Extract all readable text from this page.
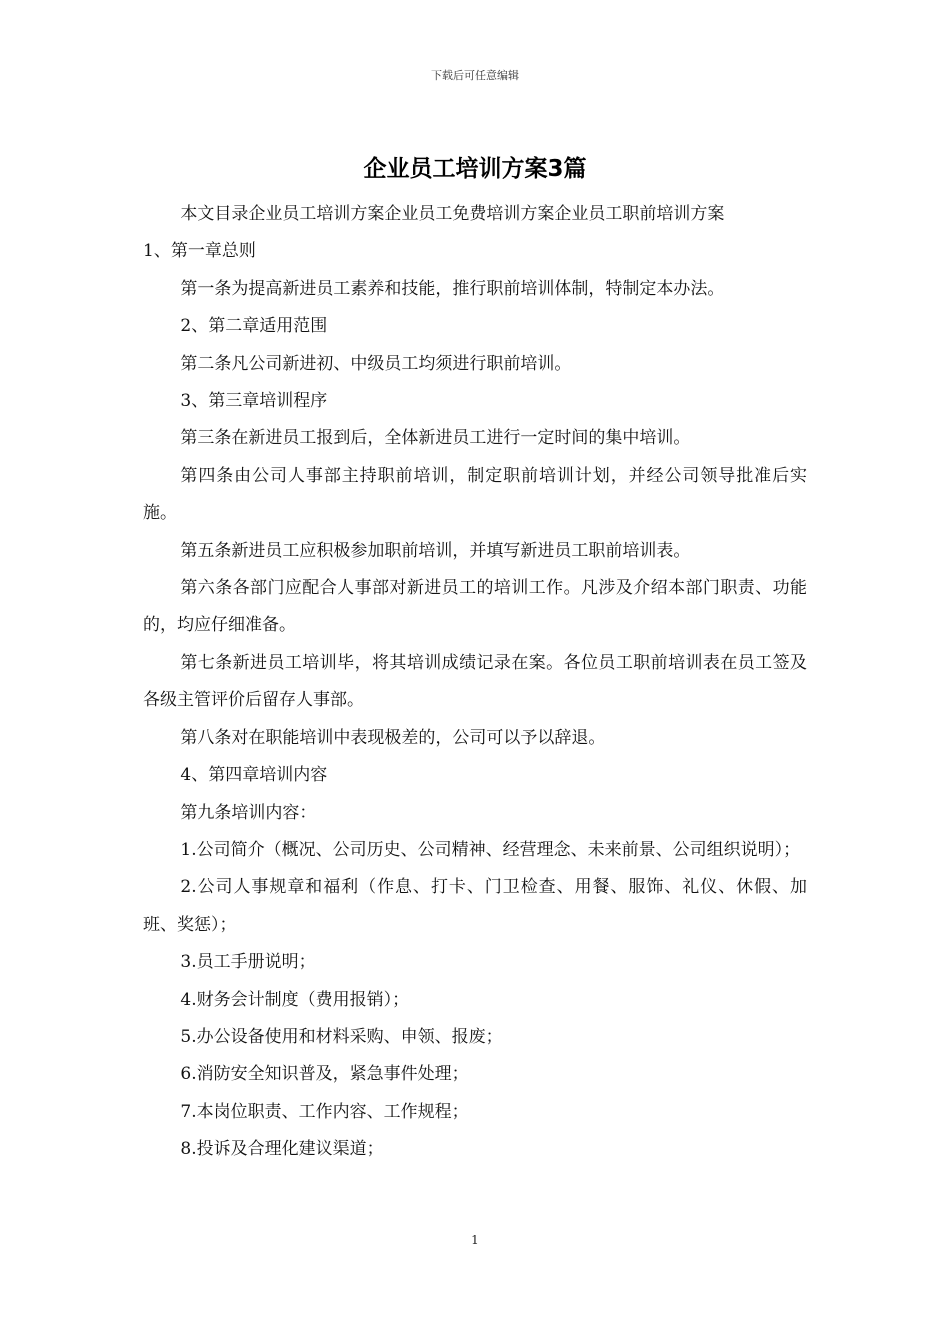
下载后可任意编辑
企业员工培训方案3篇

本文目录企业员工培训方案企业员工免费培训方案企业员工职前培训方案

1、第一章总则

第一条为提高新进员工素养和技能，推行职前培训体制，特制定本办法。

2、第二章适用范围

第二条凡公司新进初、中级员工均须进行职前培训。

3、第三章培训程序

第三条在新进员工报到后，全体新进员工进行一定时间的集中培训。

第四条由公司人事部主持职前培训，制定职前培训计划，并经公司领导批准后实施。

第五条新进员工应积极参加职前培训，并填写新进员工职前培训表。

第六条各部门应配合人事部对新进员工的培训工作。凡涉及介绍本部门职责、功能的，均应仔细准备。

第七条新进员工培训毕，将其培训成绩记录在案。各位员工职前培训表在员工签及各级主管评价后留存人事部。

第八条对在职能培训中表现极差的，公司可以予以辞退。

4、第四章培训内容

第九条培训内容：

1.公司简介（概况、公司历史、公司精神、经营理念、未来前景、公司组织说明）；

2.公司人事规章和福利（作息、打卡、门卫检查、用餐、服饰、礼仪、休假、加班、奖惩）；

3.员工手册说明；

4.财务会计制度（费用报销）；

5.办公设备使用和材料采购、申领、报废；

6.消防安全知识普及，紧急事件处理；

7.本岗位职责、工作内容、工作规程；

8.投诉及合理化建议渠道；

1
